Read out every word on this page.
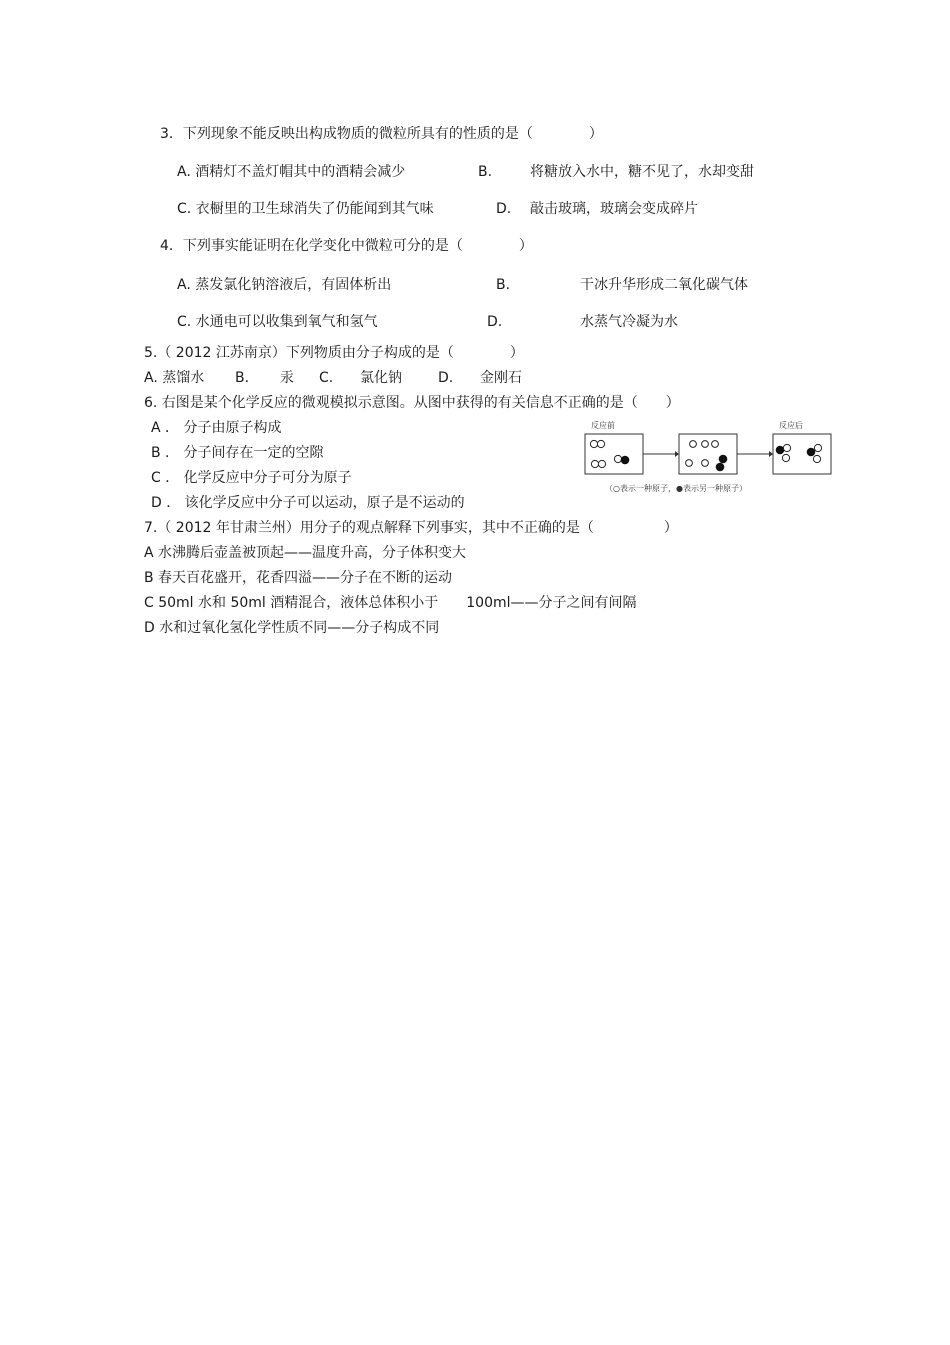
3．下列现象不能反映出构成物质的微粒所具有的性质的是（　　　　）
A. 酒精灯不盖灯帽其中的酒精会减少	B.	将糖放入水中，糖不见了，水却变甜
C. 衣橱里的卫生球消失了仍能闻到其气味	D. 敲击玻璃，玻璃会变成碎片
4．下列事实能证明在化学变化中微粒可分的是（　　　　）
A. 蒸发氯化钠溶液后，有固体析出	B.	干冰升华形成二氧化碳气体
C. 水通电可以收集到氧气和氢气	D.	水蒸气冷凝为水
5.（ 2012 江苏南京）下列物质由分子构成的是（　　　　）
A. 蒸馏水 B. 汞 C. 氯化钠	D. 金刚石
6. 右图是某个化学反应的微观模拟示意图。从图中获得的有关信息不正确的是（　　）
A ． 分子由原子构成
B ． 分子间存在一定的空隙
C ． 化学反应中分子可分为原子
D ． 该化学反应中分子可以运动，原子是不运动的
反应前	反应后
（○表示一种原子，●表示另一种原子）
7.（ 2012 年甘肃兰州）用分子的观点解释下列事实，其中不正确的是（　　　　　）
A 水沸腾后壶盖被顶起——温度升高，分子体积变大
B 春天百花盛开，花香四溢——分子在不断的运动
C 50ml 水和 50ml 酒精混合，液体总体积小于　　100ml——分子之间有间隔
D 水和过氧化氢化学性质不同——分子构成不同
